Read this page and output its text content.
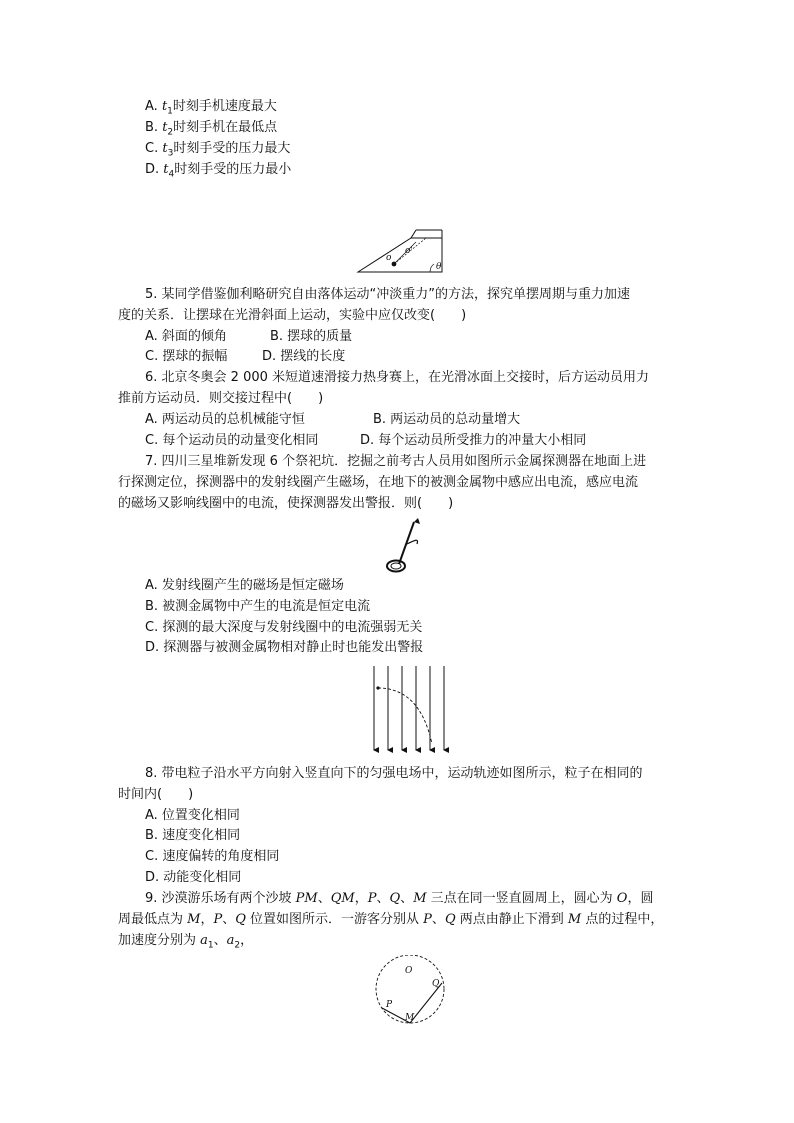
A. $t_1$时刻手机速度最大
B. $t_2$时刻手机在最低点
C. $t_3$时刻手受的压力最大
D. $t_4$时刻手受的压力最小
o
o'
θ
5. 某同学借鉴伽利略研究自由落体运动“冲淡重力”的方法，探究单摆周期与重力加速
度的关系．让摆球在光滑斜面上运动，实验中应仅改变(　　)
A. 斜面的倾角	B. 摆球的质量
C. 摆球的振幅	D. 摆线的长度
6. 北京冬奥会 2 000 米短道速滑接力热身赛上，在光滑冰面上交接时，后方运动员用力
推前方运动员．则交接过程中(　　)
A. 两运动员的总机械能守恒	B. 两运动员的总动量增大
C. 每个运动员的动量变化相同	D. 每个运动员所受推力的冲量大小相同
7. 四川三星堆新发现 6 个祭祀坑．挖掘之前考古人员用如图所示金属探测器在地面上进
行探测定位，探测器中的发射线圈产生磁场，在地下的被测金属物中感应出电流，感应电流
的磁场又影响线圈中的电流，使探测器发出警报．则(　　)
A. 发射线圈产生的磁场是恒定磁场
B. 被测金属物中产生的电流是恒定电流
C. 探测的最大深度与发射线圈中的电流强弱无关
D. 探测器与被测金属物相对静止时也能发出警报
8. 带电粒子沿水平方向射入竖直向下的匀强电场中，运动轨迹如图所示，粒子在相同的
时间内(　　)
A. 位置变化相同
B. 速度变化相同
C. 速度偏转的角度相同
D. 动能变化相同
9. 沙漠游乐场有两个沙坡 PM、QM，P、Q、M 三点在同一竖直圆周上，圆心为 O，圆
周最低点为 M，P、Q 位置如图所示．一游客分别从 P、Q 两点由静止下滑到 M 点的过程中，
加速度分别为 $a_1$、$a_2$，
O
Q
P
M
